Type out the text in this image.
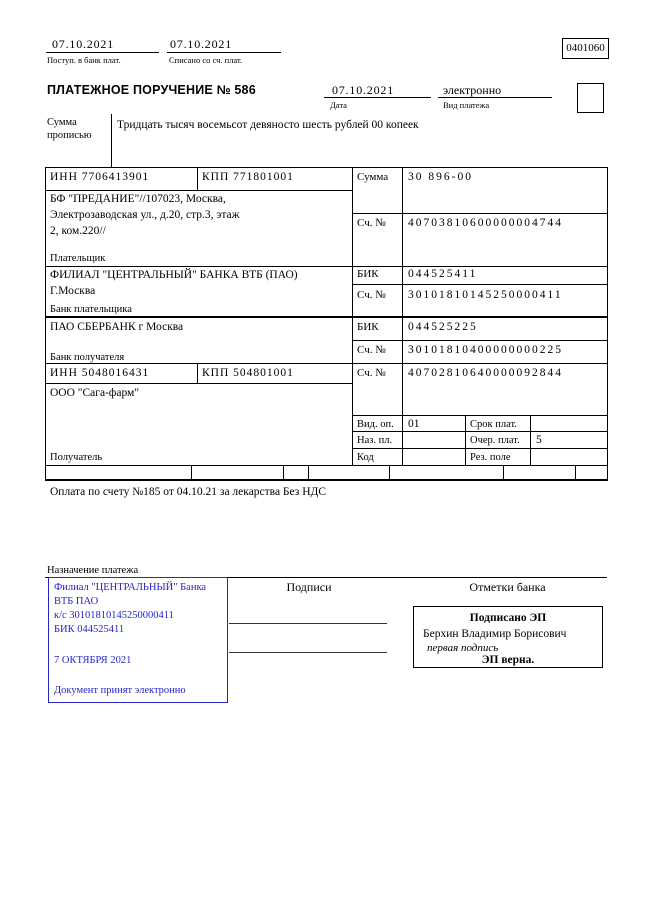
07.10.2021
Поступ. в банк плат.
07.10.2021
Списано со сч. плат.
0401060
ПЛАТЕЖНОЕ ПОРУЧЕНИЕ № 586	07.10.2021
Дата
электронно
Вид платежа
Сумма прописью
Тридцать тысяч восемьсот девяносто шесть рублей 00 копеек
ИНН 7706413901	КПП 771801001	Сумма 30 896-00
БФ "ПРЕДАНИЕ"//107023, Москва,
Электрозаводская ул., д.20, стр.3, этаж
2, ком.220//
Сч. № 40703810600000004744
Плательщик
ФИЛИАЛ "ЦЕНТРАЛЬНЫЙ" БАНКА ВТБ (ПАО)
Г.Москва
БИК	044525411
Сч. № 30101810145250000411
Банк плательщика
ПАО СБЕРБАНК г Москва	БИК	044525225
Сч. № 30101810400000000225
Банк получателя
ИНН 5048016431	КПП 504801001	Сч. № 40702810640000092844
ООО "Сага-фарм"
Получатель
Вид. оп. 01	Срок плат.
Наз. пл.	Очер. плат. 5
Код	Рез. поле
Оплата по счету №185 от 04.10.21 за лекарства Без НДС
Назначение платежа
Филиал "ЦЕНТРАЛЬНЫЙ" Банка
ВТБ ПАО
к/с 30101810145250000411
БИК 044525411
7 ОКТЯБРЯ 2021
Документ принят электронно
Подписи	Отметки банка
Подписано ЭП
Берхин Владимир Борисович
первая подпись
ЭП верна.
